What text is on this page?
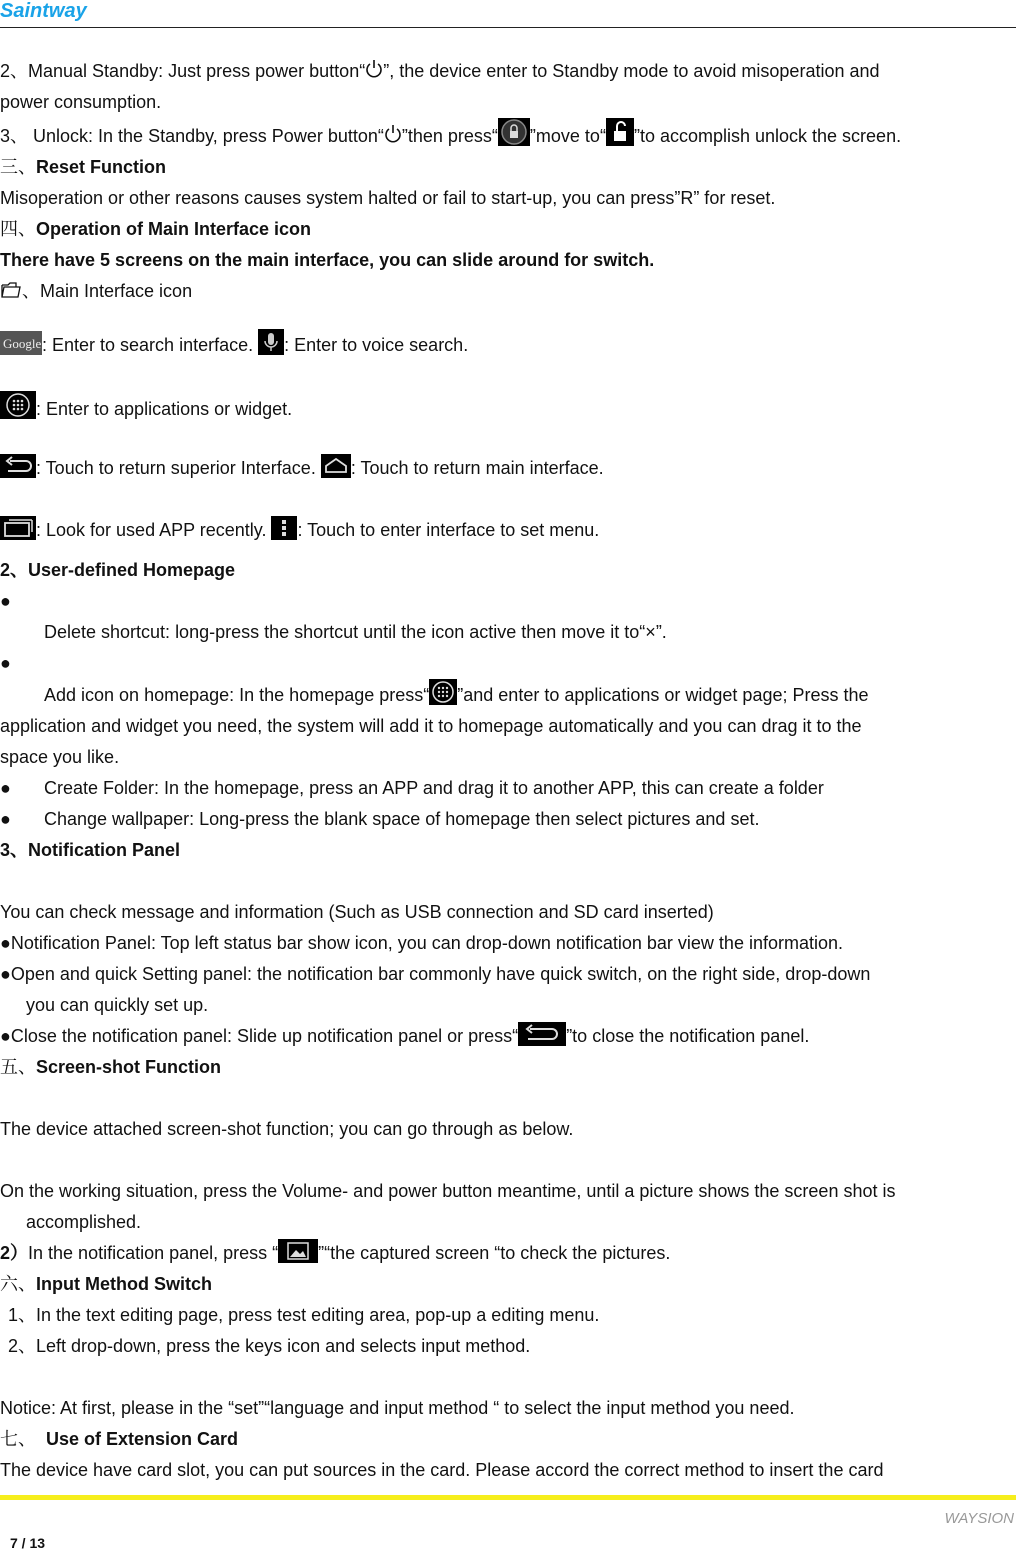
Saintway
2、Manual Standby: Just press power button“ ”, the device enter to Standby mode to avoid misoperation and
power consumption.
3、 Unlock: In the Standby, press Power button“ ”then press“ ”move to“ ”to accomplish unlock the screen.
三、Reset Function
Misoperation or other reasons causes system halted or fail to start-up, you can press”R” for reset.
四、Operation of Main Interface icon
There have 5 screens on the main interface, you can slide around for switch.
、Main Interface icon
Google : Enter to search interface.
: Enter to voice search.
: Enter to applications or widget.
: Touch to return superior Interface.
: Touch to return main interface.
: Look for used APP recently.
: Touch to enter interface to set menu.
2、User-defined Homepage
●
Delete shortcut: long-press the shortcut until the icon active then move it to“×”.
●
Add icon on homepage: In the homepage press“ ”and enter to applications or widget page; Press the
application and widget you need, the system will add it to homepage automatically and you can drag it to the
space you like.
● Create Folder: In the homepage, press an APP and drag it to another APP, this can create a folder
● Change wallpaper: Long-press the blank space of homepage then select pictures and set.
3、Notification Panel
You can check message and information (Such as USB connection and SD card inserted)
●Notification Panel: Top left status bar show icon, you can drop-down notification bar view the information.
●Open and quick Setting panel: the notification bar commonly have quick switch, on the right side, drop-down
you can quickly set up.
●Close the notification panel: Slide up notification panel or press“	”to close the notification panel.
五、Screen-shot Function
The device attached screen-shot function; you can go through as below.
On the working situation, press the Volume- and power button meantime, until a picture shows the screen shot is
accomplished.
2）In the notification panel, press “ ”“the captured screen “to check the pictures.
六、Input Method Switch
1、In the text editing page, press test editing area, pop-up a editing menu.
2、Left drop-down, press the keys icon and selects input method.
Notice: At first, please in the “set”“language and input method “ to select the input method you need.
七、 Use of Extension Card
The device have card slot, you can put sources in the card. Please accord the correct method to insert the card
WAYSION
7 / 13
